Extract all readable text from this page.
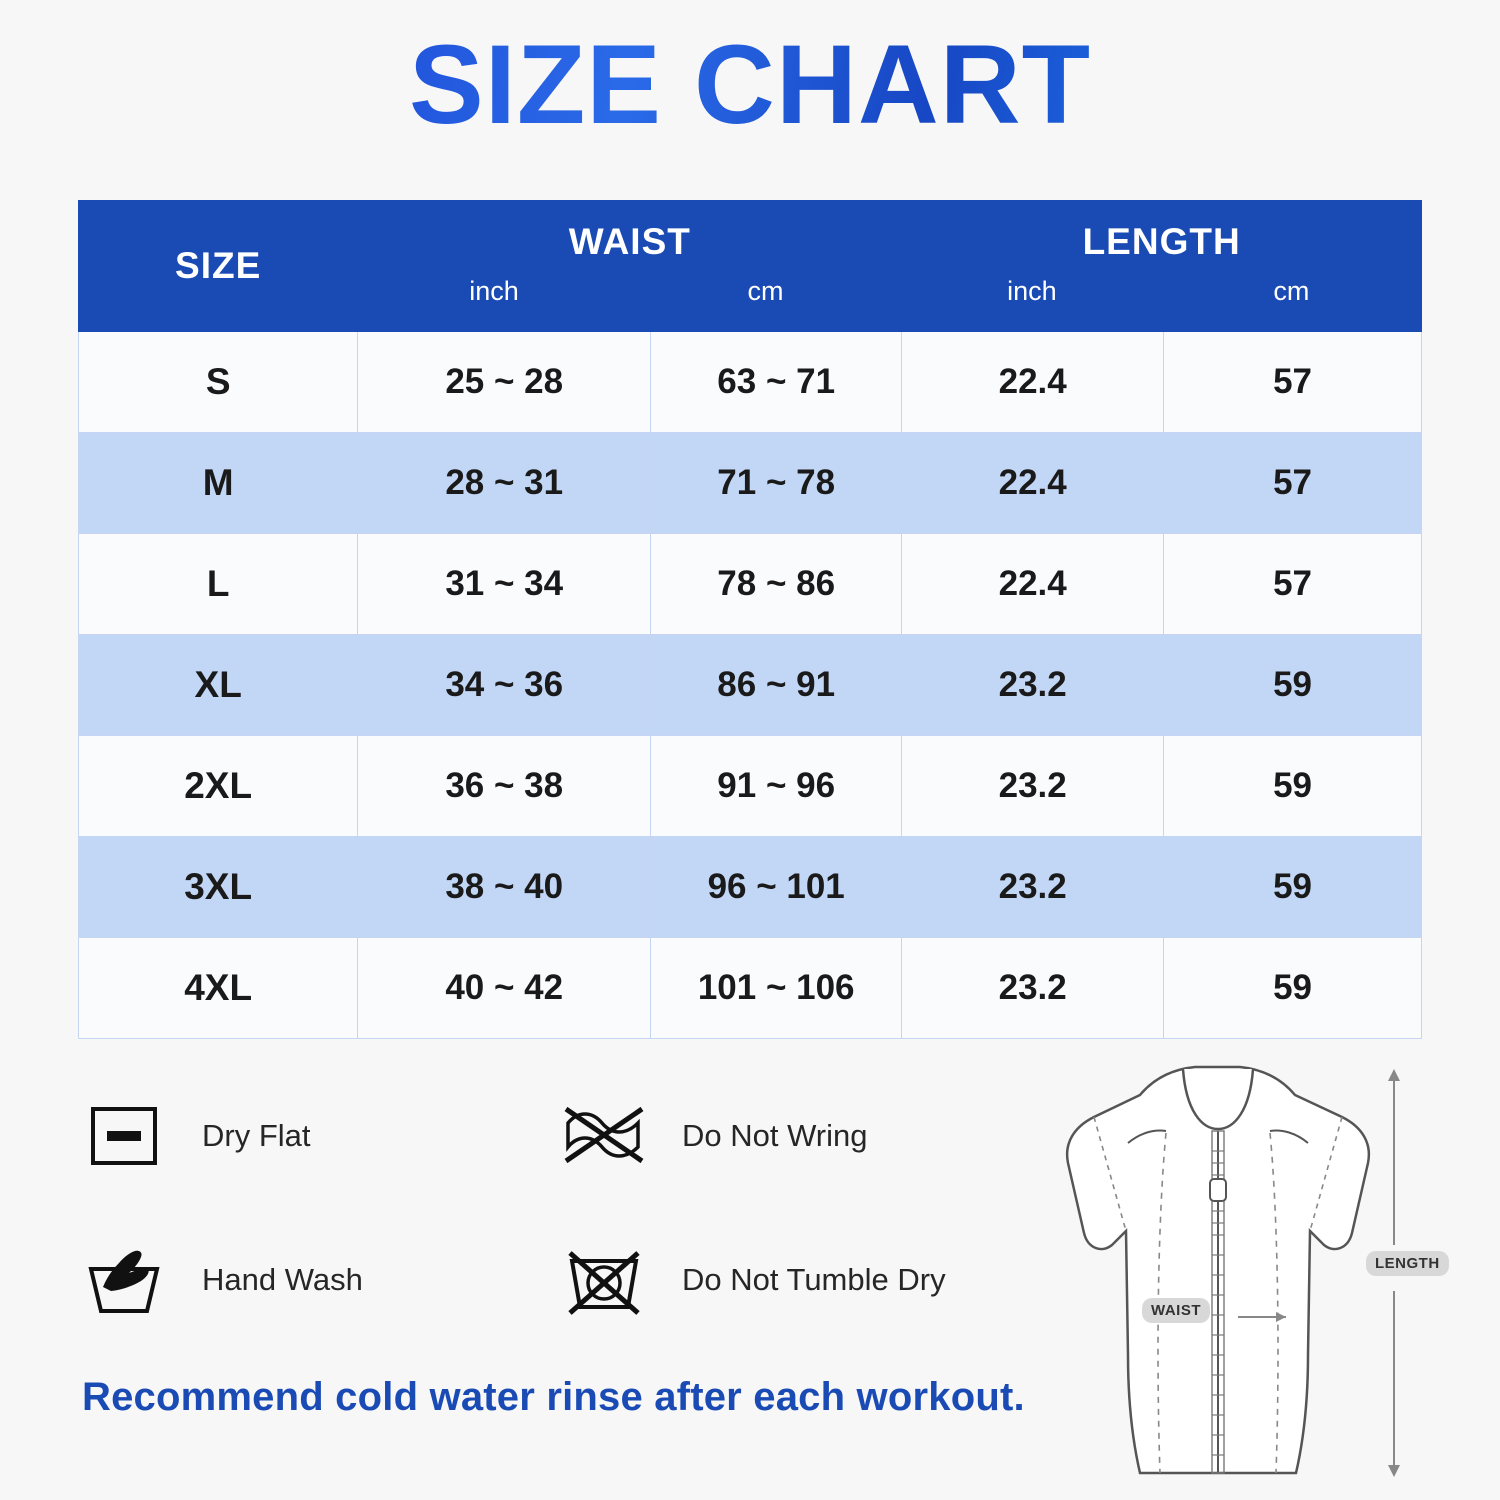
SIZE CHART
SIZE	
WAIST
inch	cm

LENGTH
inch	cm

S	25 ~ 28	63 ~ 71	22.4	57
M	28 ~ 31	71 ~ 78	22.4	57
L	31 ~ 34	78 ~ 86	22.4	57
XL	34 ~ 36	86 ~ 91	23.2	59
2XL	36 ~ 38	91 ~ 96	23.2	59
3XL	38 ~ 40	96 ~ 101	23.2	59
4XL	40 ~ 42	101 ~ 106	23.2	59
Dry Flat	Do Not Wring
Hand Wash	Do Not Tumble Dry
Recommend cold water rinse after each workout.
WAIST
LENGTH
